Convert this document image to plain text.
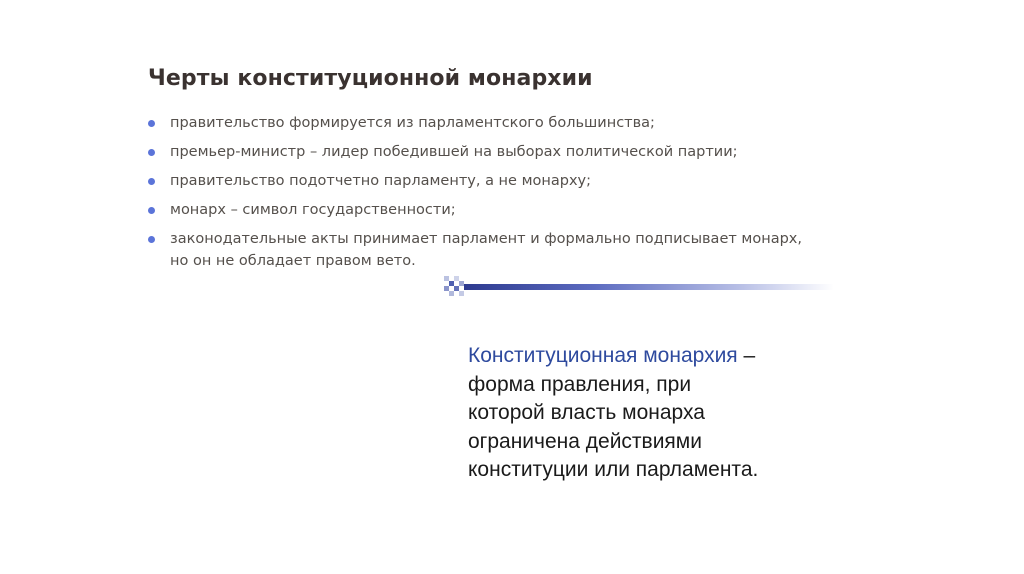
Черты конституционной монархии
правительство формируется из парламентского большинства;
премьер-министр – лидер победившей на выборах политической партии;
правительство подотчетно парламенту, а не монарху;
монарх – символ государственности;
законодательные акты принимает парламент и формально подписывает монарх,
но он не обладает правом вето.
Конституционная монархия –
форма правления, при
которой власть монарха
ограничена действиями
конституции или парламента.
